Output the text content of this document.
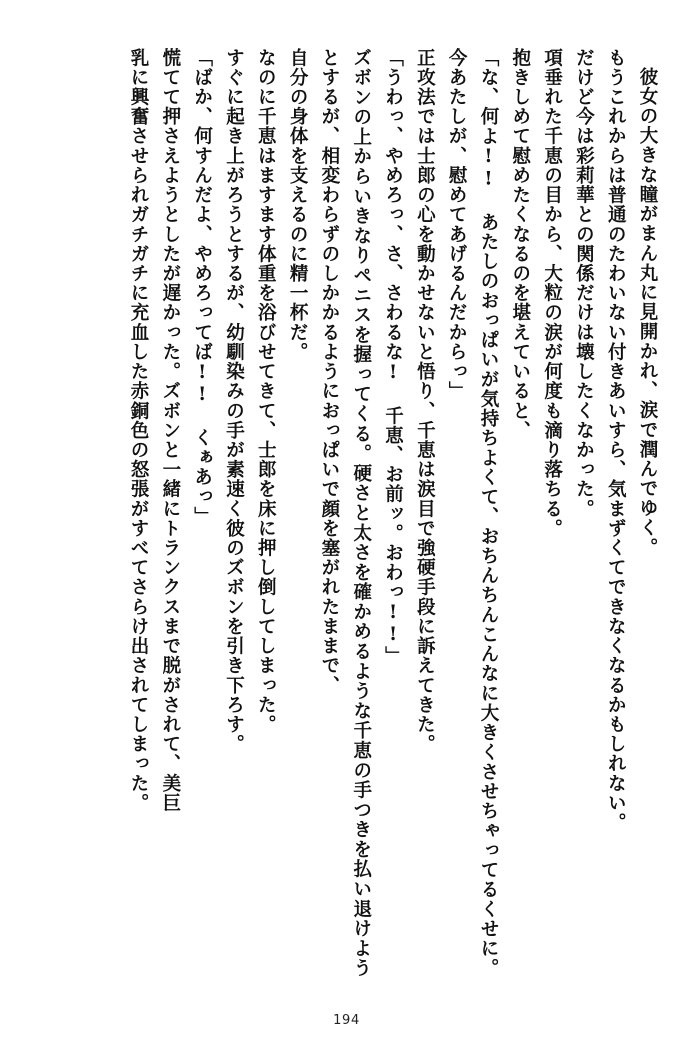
彼女の大きな瞳がまん丸に見開かれ、涙で潤んでゆく。

もうこれからは普通のたわいない付きあいすら、気まずくてできなくなるかもしれない。

だけど今は彩莉華との関係だけは壊したくなかった。

項垂れた千恵の目から、大粒の涙が何度も滴り落ちる。

抱きしめて慰めたくなるのを堪えていると、

「な、何よ!! あたしのおっぱいが気持ちよくて、おちんちんこんなに大きくさせちゃってるくせに。今あたしが、慰めてあげるんだからっ」

正攻法では士郎の心を動かせないと悟り、千恵は涙目で強硬手段に訴えてきた。

「うわっ、やめろっ、さ、さわるな! 千恵、お前ッ。おわっ!!」

ズボンの上からいきなりペニスを握ってくる。硬さと太さを確かめるような千恵の手つきを払い退けようとするが、相変わらずのしかかるようにおっぱいで顔を塞がれたままで、

自分の身体を支えるのに精一杯だ。

なのに千恵はますます体重を浴びせてきて、士郎を床に押し倒してしまった。

すぐに起き上がろうとするが、幼馴染みの手が素速く彼のズボンを引き下ろす。

「ばか、何すんだよ、やめろってば!! くぁあっ」

慌てて押さえようとしたが遅かった。ズボンと一緒にトランクスまで脱がされて、美巨

乳に興奮させられガチガチに充血した赤銅色の怒張がすべてさらけ出されてしまった。

194
